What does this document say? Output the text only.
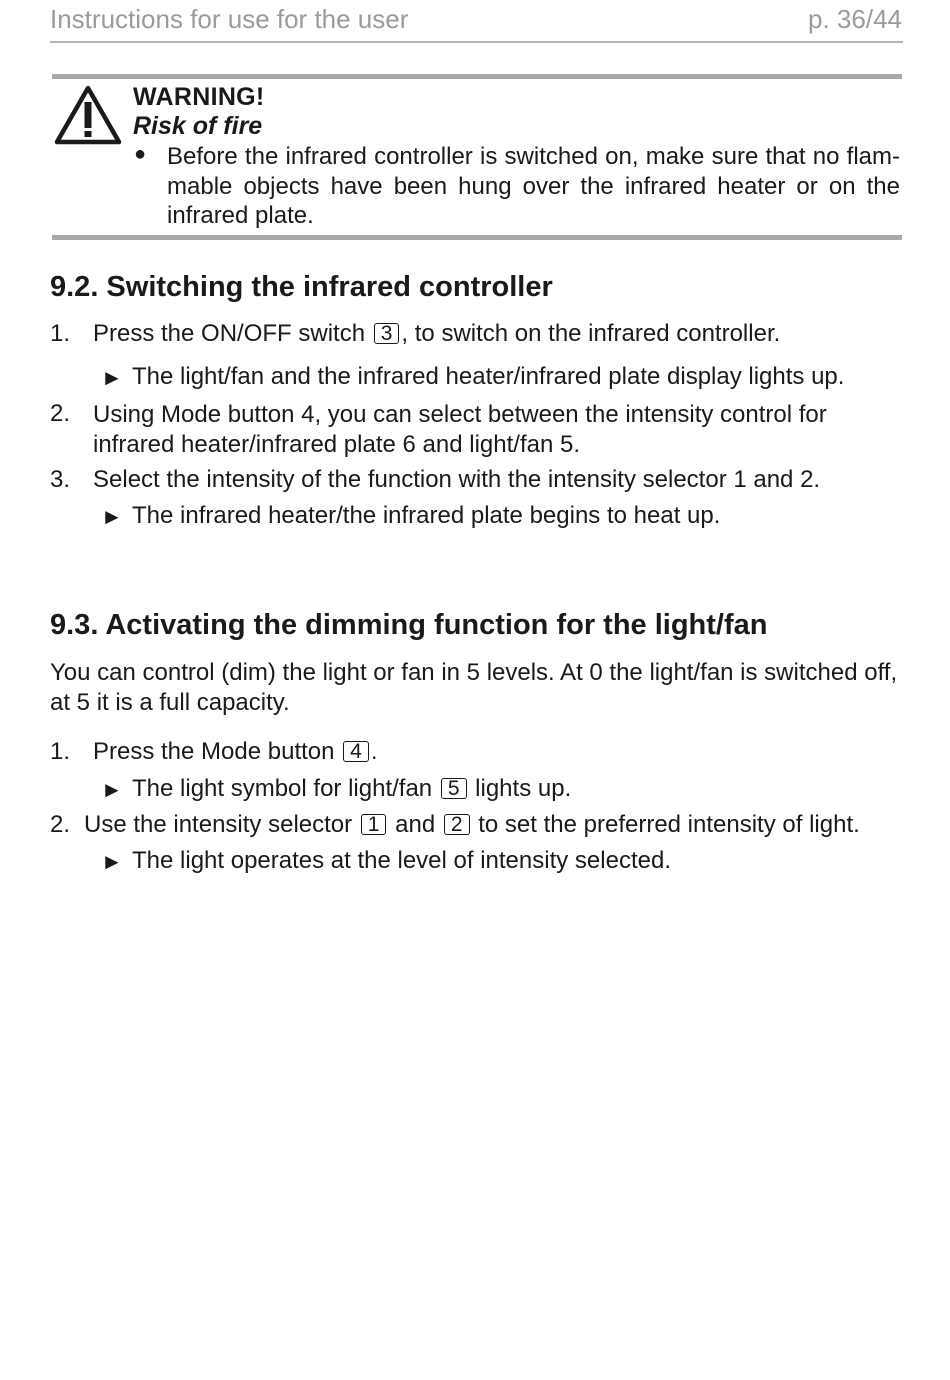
Instructions for use for the user	p. 36/44
WARNING!
Risk of fire
● Before the infrared controller is switched on, make sure that no flam-mable objects have been hung over the infrared heater or on the infrared plate.
9.2. Switching the infrared controller
1. Press the ON/OFF switch 3 , to switch on the infrared controller.
► The light/fan and the infrared heater/infrared plate display lights up.
2. Using Mode button 4, you can select between the intensity control for infrared heater/infrared plate 6 and light/fan 5.
3. Select the intensity of the function with the intensity selector 1 and 2.
► The infrared heater/the infrared plate begins to heat up.
9.3. Activating the dimming function for the light/fan
You can control (dim) the light or fan in 5 levels. At 0 the light/fan is switched off, at 5 it is a full capacity.
1. Press the Mode button 4 .
► The light symbol for light/fan 5 lights up.
2. Use the intensity selector 1 and 2 to set the preferred intensity of light.
► The light operates at the level of intensity selected.
